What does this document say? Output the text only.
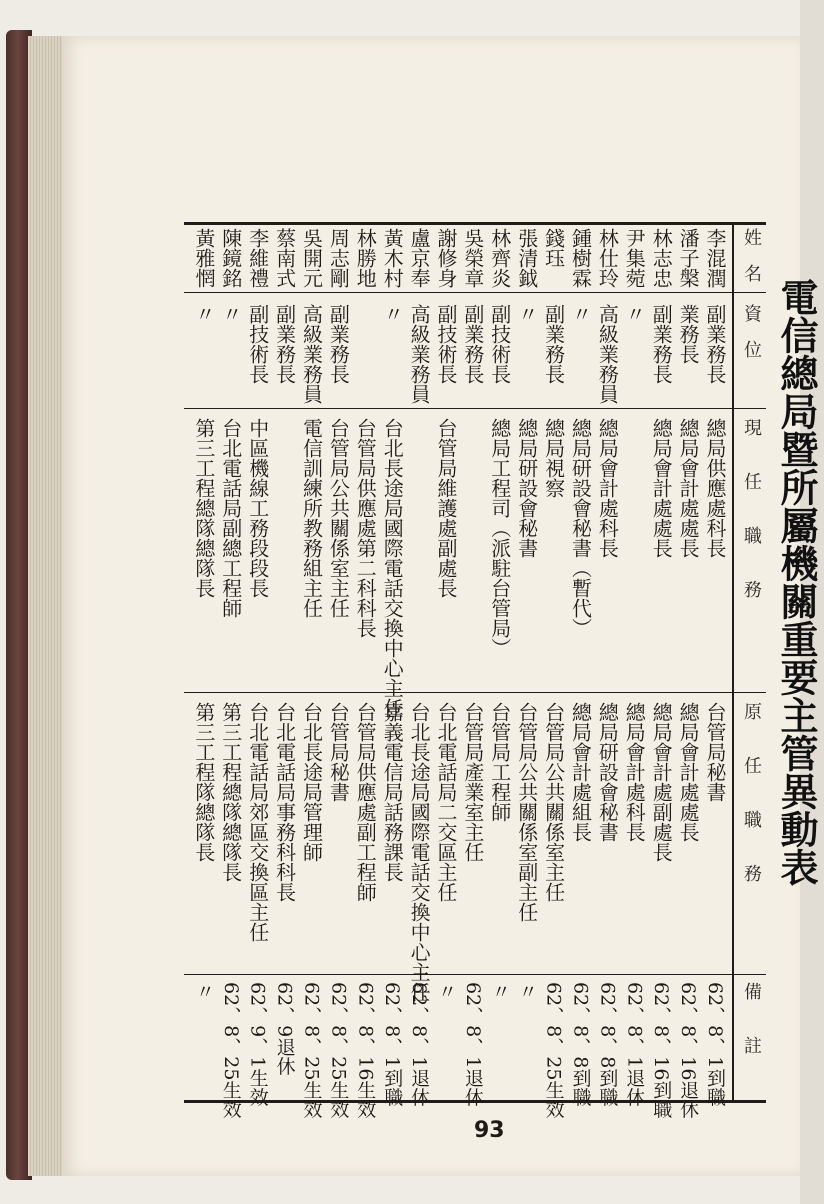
電信總局暨所屬機關重要主管異動表
姓　名
資　位
現　　任　　職　　務
原　　任　　職　　務
備　　註
李混潤
副業務長
總局供應處科長
台管局秘書
62、8、1到職
潘子槃
業務長
總局會計處處長
總局會計處處長
62、8、16退休
林志忠
副業務長
總局會計處處長
總局會計處副處長
62、8、16到職
尹集菀
〃
總局會計處科長
62、8、1退休
林仕玲
高級業務員
總局會計處科長
總局研設會秘書
62、8、8到職
鍾樹霖
〃
總局研設會秘書（暫代）
總局會計處組長
62、8、8到職
錢珏
副業務長
總局視察
台管局公共關係室主任
62、8、25生效
張清鉞
〃
總局研設會秘書
台管局公共關係室副主任
〃
林齊炎
副技術長
總局工程司（派駐台管局）
台管局工程師
〃
吳榮章
副業務長
台管局產業室主任
62、8、1退休
謝修身
副技術長
台管局維護處副處長
台北電話局二交區主任
〃
盧京奉
高級業務員
台北長途局國際電話交換中心主任
62、8、1退休
黃木村
〃
台北長途局國際電話交換中心主任
嘉義電信局話務課長
62、8、1到職
林勝地
台管局供應處第二科科長
台管局供應處副工程師
62、8、16生效
周志剛
副業務長
台管局公共關係室主任
台管局秘書
62、8、25生效
吳開元
高級業務員
電信訓練所教務組主任
台北長途局管理師
62、8、25生效
蔡南式
副業務長
台北電話局事務科科長
62、9退休
李維禮
副技術長
中區機線工務段段長
台北電話局郊區交換區主任
62、9、1生效
陳鏡銘
〃
台北電話局副總工程師
第三工程總隊總隊長
62、8、25生效
黃雅惘
〃
第三工程總隊總隊長
第三工程隊總隊長
〃
93
